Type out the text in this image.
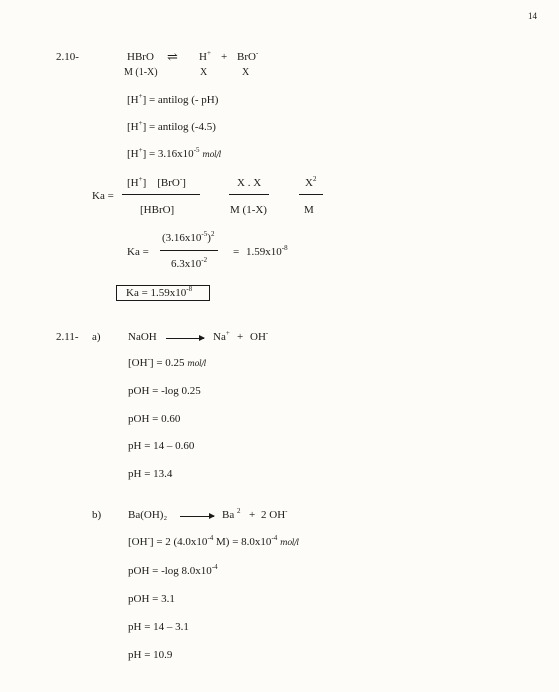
14
2.10-	HBrO ⇌ H+ + BrO-
M (1-X)	X	X
[H+] = antilog (- pH)
[H+] = antilog (-4.5)
$[H^+] = 3.16x10^{-5}$ mol/l
Ka =
[H+] [BrO-]
[HBrO]
X . X
M (1-X)
$X^2$
M
Ka =
$(3.16x10^{-5})^2$
$6.3x10^{-2}$
= $1.59x10^{-8}$
$Ka = 1.59x10^{-8}$
2.11- a) NaOH → Na+ + OH-
[OH-] = 0.25 mol/l
pOH = -log 0.25
pOH = 0.60
pH = 14 – 0.60
pH = 13.4
b) Ba(OH)₂ → Ba $^2$ + 2 OH-
[OH-] = 2 ($4.0x10^{-4}$ $M) = 8.0x10^{-4}$ mol/l
pOH = -log $8.0x10^{-4}$
pOH = 3.1
pH = 14 – 3.1
pH = 10.9
